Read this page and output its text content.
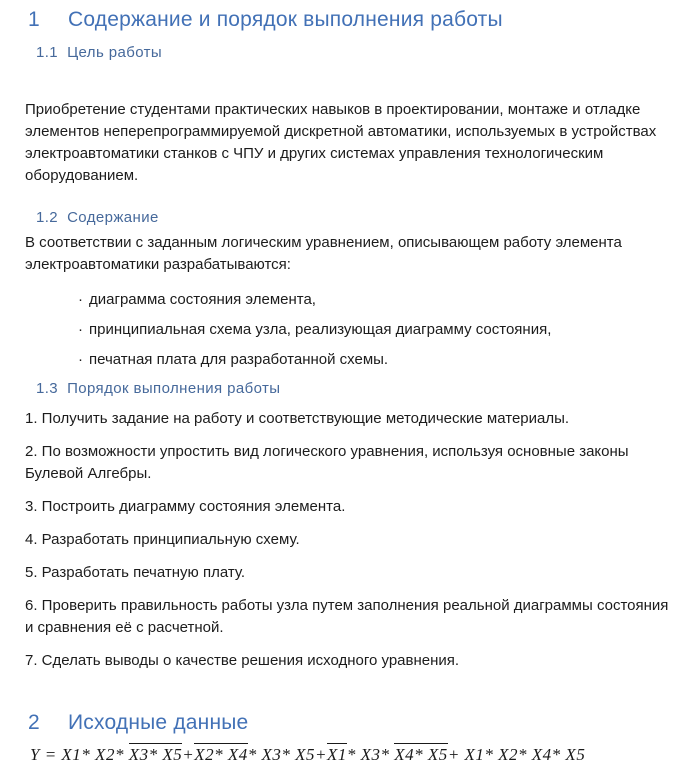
1	Содержание и порядок выполнения работы
1.1 Цель работы

Приобретение студентами практических навыков в проектировании, монтаже и отладке элементов неперепрограммируемой дискретной автоматики, используемых в устройствах электроавтоматики станков с ЧПУ и других системах управления технологическим оборудованием.

1.2 Содержание

В соответствии с заданным логическим уравнением, описывающем работу элемента электроавтоматики разрабатываются:

· диаграмма состояния элемента,
· принципиальная схема узла, реализующая диаграмму состояния,
· печатная плата для разработанной схемы.
1.3 Порядок выполнения работы

1. Получить задание на работу и соответствующие методические материалы.

2. По возможности упростить вид логического уравнения, используя основные законы Булевой Алгебры.

3. Построить диаграмму состояния элемента.

4. Разработать принципиальную схему.

5. Разработать печатную плату.

6. Проверить правильность работы узла путем заполнения реальной диаграммы состояния и сравнения её с расчетной.

7. Сделать выводы о качестве решения исходного уравнения.

2	Исходные данные
Y = X1* X2* X3* X5+X2* X4* X3* X5+X1* X3* X4* X5+ X1* X2* X4* X5
